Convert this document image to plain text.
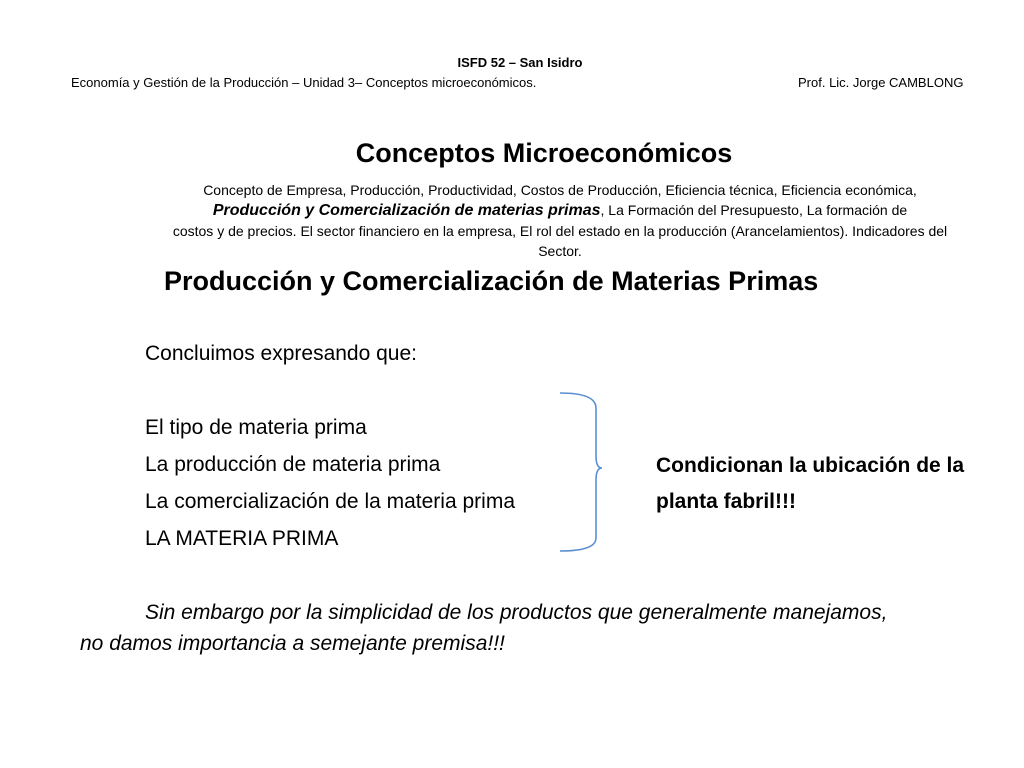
ISFD 52 – San Isidro
Economía y Gestión de la Producción – Unidad 3– Conceptos microeconómicos.	Prof. Lic. Jorge CAMBLONG
Conceptos Microeconómicos
Concepto de Empresa, Producción, Productividad, Costos de Producción, Eficiencia técnica, Eficiencia económica,
Producción y Comercialización de materias primas, La Formación del Presupuesto, La formación de
costos y de precios. El sector financiero en la empresa, El rol del estado en la producción (Arancelamientos). Indicadores del
Sector.
Producción y Comercialización de Materias Primas
Concluimos expresando que:
El tipo de materia prima
La producción de materia prima
La comercialización de la materia prima
LA MATERIA PRIMA
Condicionan la ubicación de la
planta fabril!!!
Sin embargo por la simplicidad de los productos que generalmente manejamos,
no damos importancia a semejante premisa!!!
